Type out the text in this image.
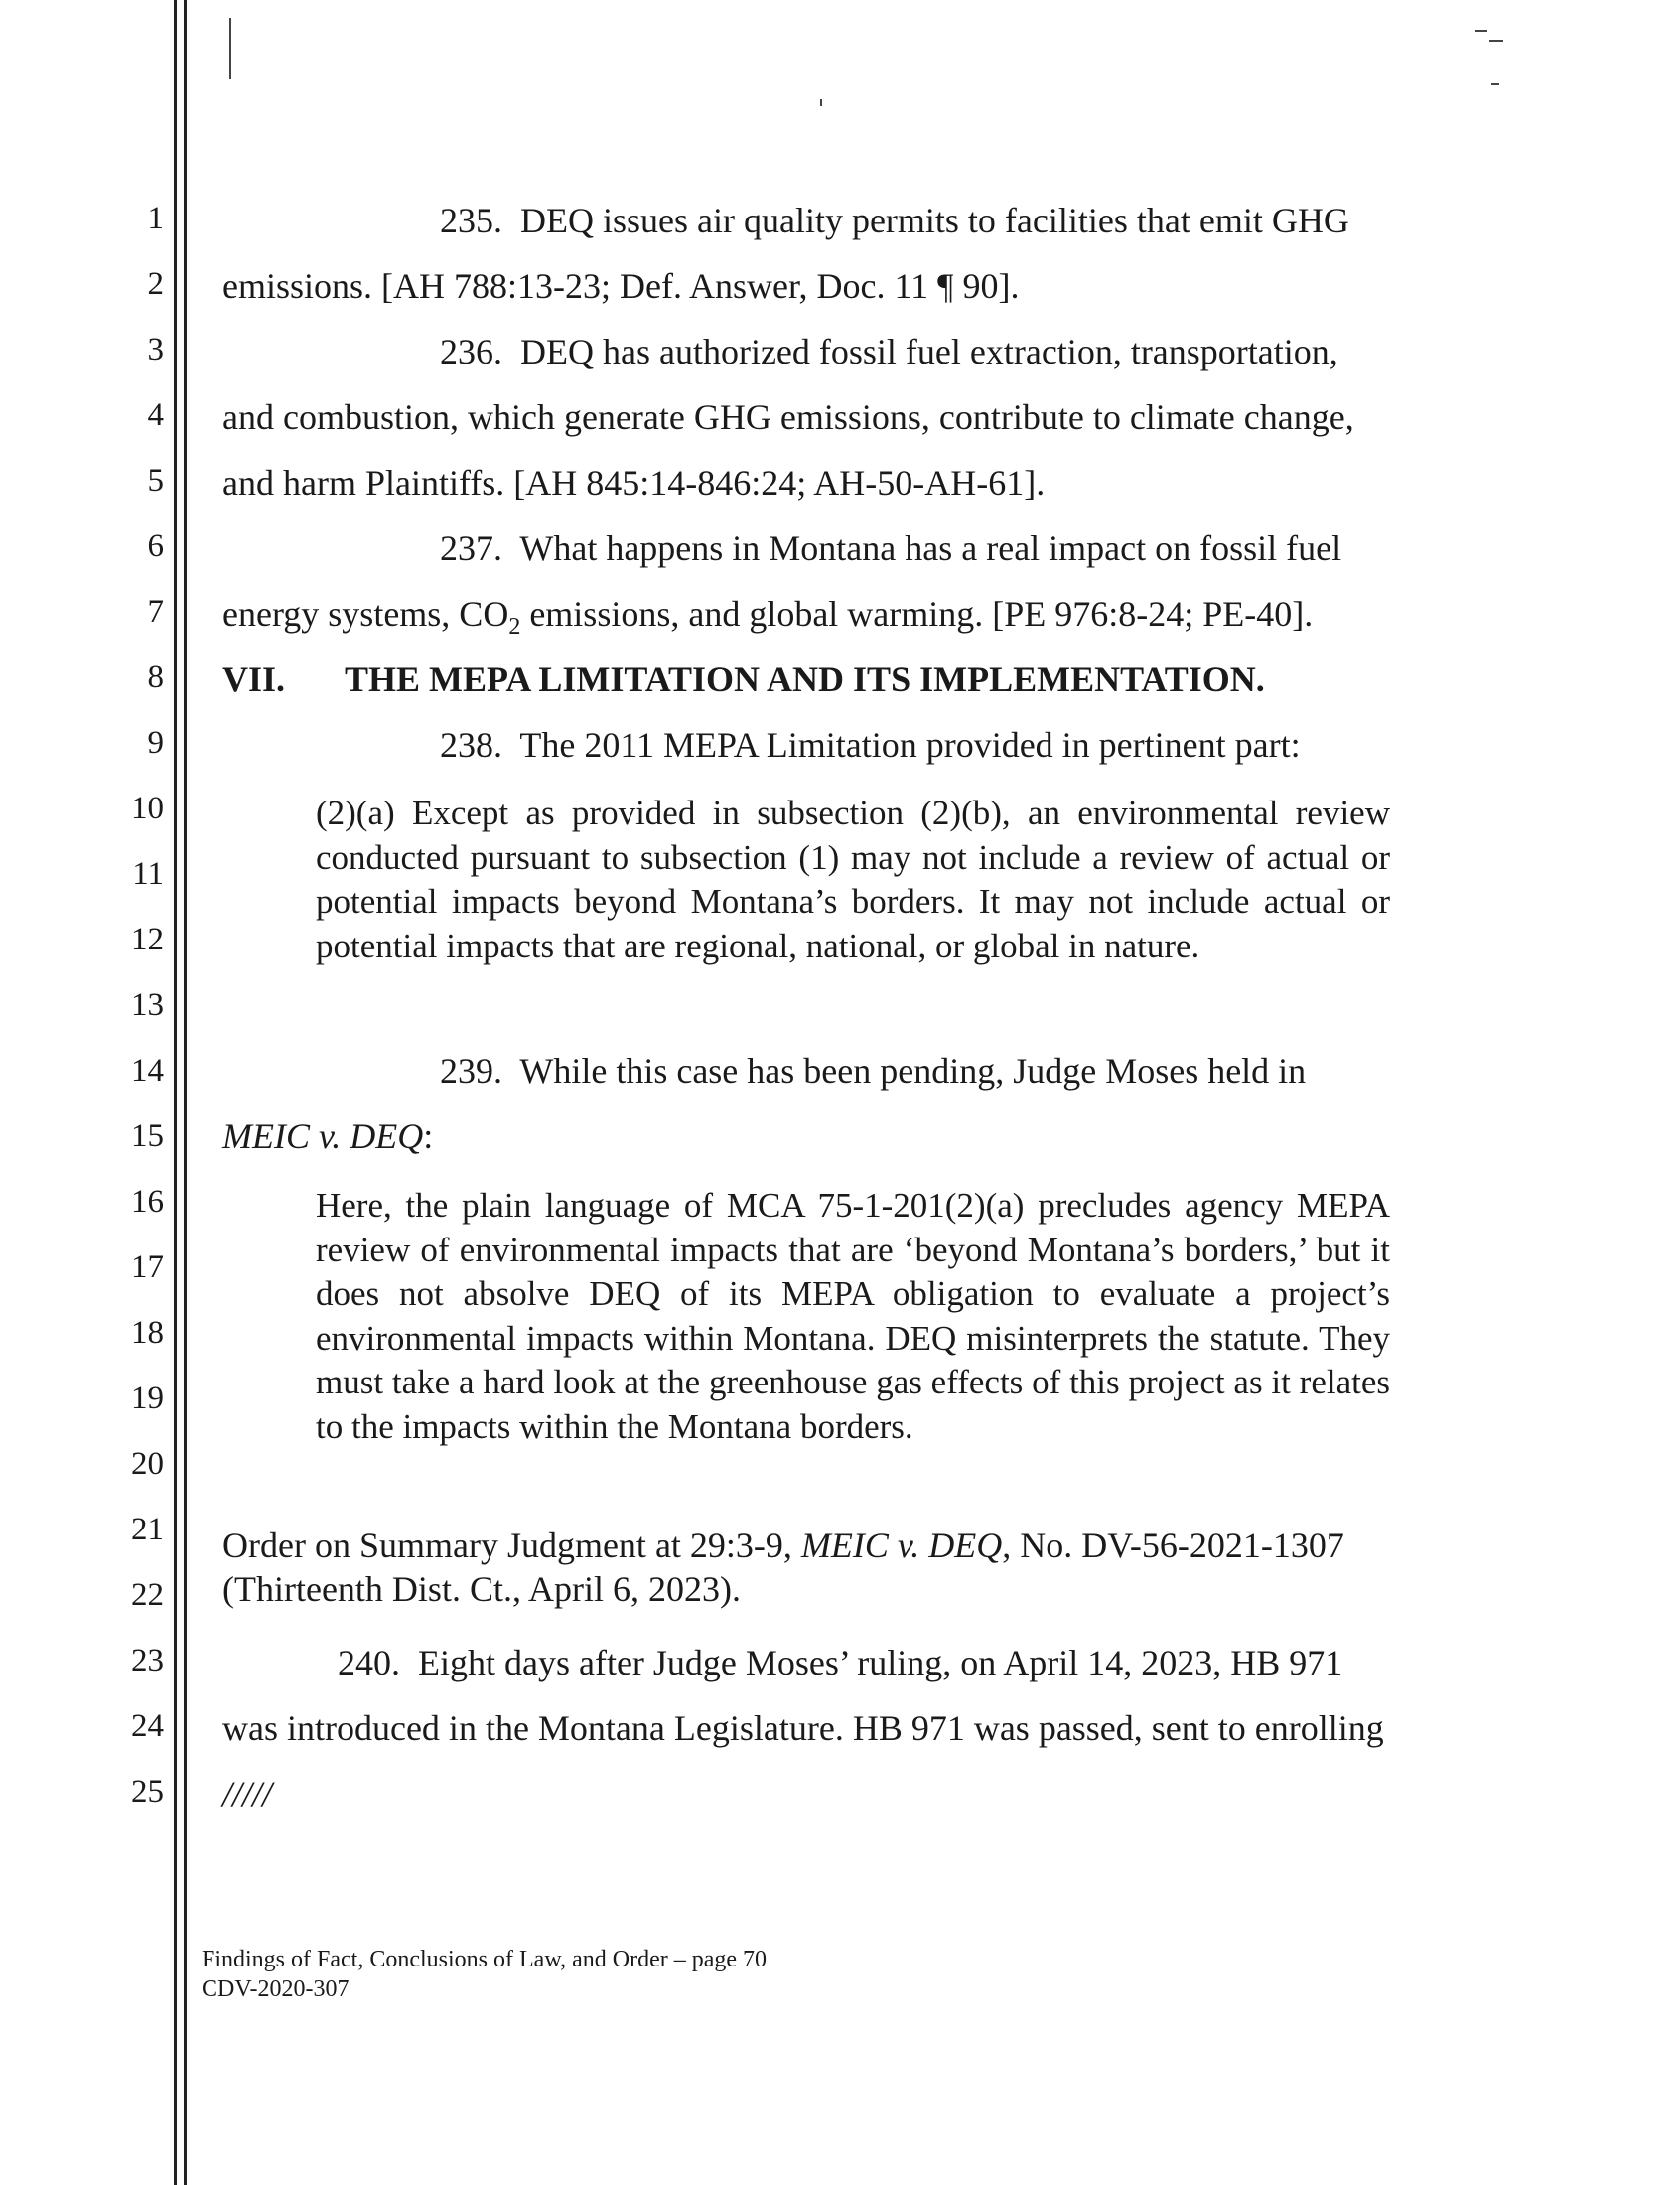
1
2
3
4
5
6
7
8
9
10
11
12
13
14
15
16
17
18
19
20
21
22
23
24
25
235. DEQ issues air quality permits to facilities that emit GHG
emissions. [AH 788:13-23; Def. Answer, Doc. 11 ¶ 90].
236. DEQ has authorized fossil fuel extraction, transportation,
and combustion, which generate GHG emissions, contribute to climate change,
and harm Plaintiffs. [AH 845:14-846:24; AH-50-AH-61].
237. What happens in Montana has a real impact on fossil fuel
energy systems, $CO_2$ emissions, and global warming. [PE 976:8-24; PE-40].
VII. THE MEPA LIMITATION AND ITS IMPLEMENTATION.
238. The 2011 MEPA Limitation provided in pertinent part:
(2)(a) Except as provided in subsection (2)(b), an environmental review conducted pursuant to subsection (1) may not include a review of actual or potential impacts beyond Montana’s borders. It may not include actual or potential impacts that are regional, national, or global in nature.
239. While this case has been pending, Judge Moses held in
MEIC v. DEQ:
Here, the plain language of MCA 75-1-201(2)(a) precludes agency MEPA review of environmental impacts that are ‘beyond Montana’s borders,’ but it does not absolve DEQ of its MEPA obligation to evaluate a project’s environmental impacts within Montana. DEQ misinterprets the statute. They must take a hard look at the greenhouse gas effects of this project as it relates to the impacts within the Montana borders.
Order on Summary Judgment at 29:3-9, MEIC v. DEQ, No. DV-56-2021-1307
(Thirteenth Dist. Ct., April 6, 2023).
240. Eight days after Judge Moses’ ruling, on April 14, 2023, HB 971
was introduced in the Montana Legislature. HB 971 was passed, sent to enrolling
/////
Findings of Fact, Conclusions of Law, and Order – page 70
CDV-2020-307
